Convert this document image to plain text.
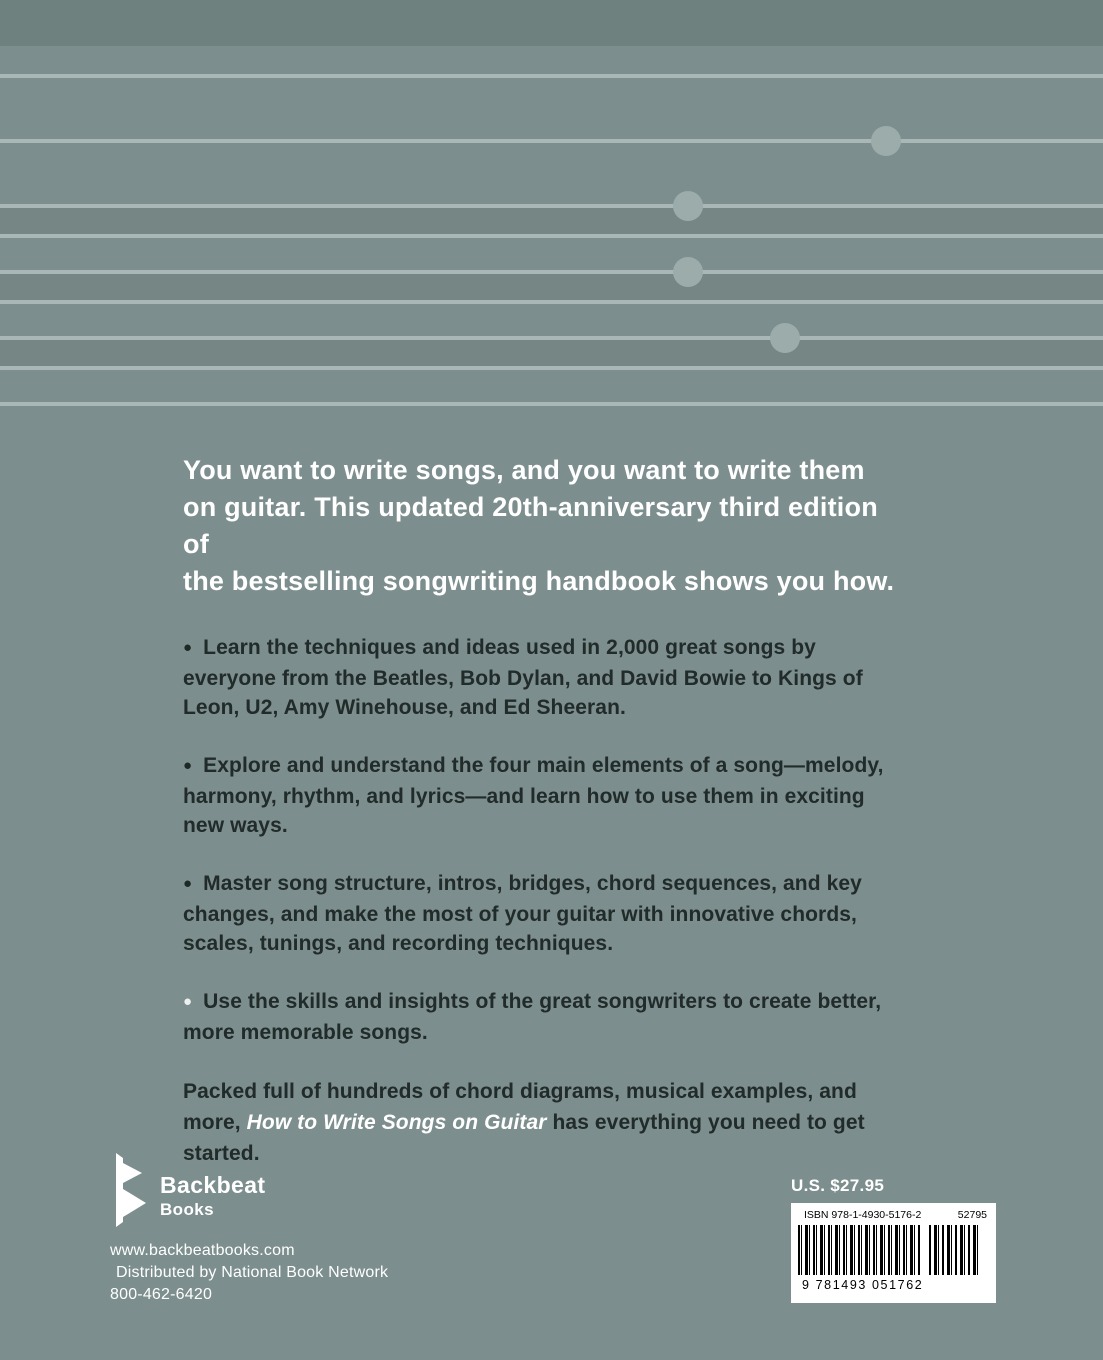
You want to write songs, and you want to write them
on guitar. This updated 20th-anniversary third edition of
the bestselling songwriting handbook shows you how.

● Learn the techniques and ideas used in 2,000 great songs by everyone from the Beatles, Bob Dylan, and David Bowie to Kings of Leon, U2, Amy Winehouse, and Ed Sheeran.

● Explore and understand the four main elements of a song—melody, harmony, rhythm, and lyrics—and learn how to use them in exciting new ways.

● Master song structure, intros, bridges, chord sequences, and key changes, and make the most of your guitar with innovative chords, scales, tunings, and recording techniques.

● Use the skills and insights of the great songwriters to create better, more memorable songs.

Packed full of hundreds of chord diagrams, musical examples, and more, How to Write Songs on Guitar has everything you need to get started.

Backbeat
Books
www.backbeatbooks.com
Distributed by National Book Network
800-462-6420
U.S. $27.95
ISBN 978-1-4930-5176-2	52795
9 781493 051762
